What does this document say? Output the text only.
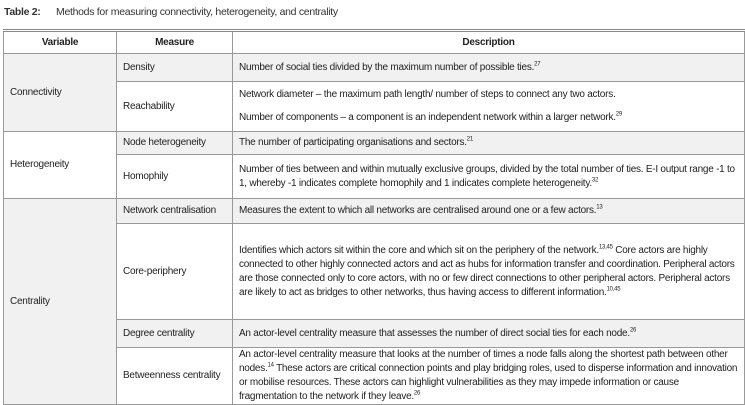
Table 2: Methods for measuring connectivity, heterogeneity, and centrality
Variable	Measure	Description
Connectivity	Density	Number of social ties divided by the maximum number of possible ties.$^{27}$

	Reachability	Network diameter – the maximum path length/ number of steps to connect any two actors.

Number of components – a component is an independent network within a larger network.$^{29}$

Heterogeneity	Node heterogeneity	The number of participating organisations and sectors.$^{21}$

	Homophily	Number of ties between and within mutually exclusive groups, divided by the total number of ties. E-I output range -1 to 1, whereby -1 indicates complete homophily and 1 indicates complete heterogeneity.$^{32}$

Centrality	Network centralisation	Measures the extent to which all networks are centralised around one or a few actors.$^{13}$

	Core-periphery	Identifies which actors sit within the core and which sit on the periphery of the network.$^{13,45}$ Core actors are highly connected to other highly connected actors and act as hubs for information transfer and coordination. Peripheral actors are those connected only to core actors, with no or few direct connections to other peripheral actors. Peripheral actors are likely to act as bridges to other networks, thus having access to different information.$^{10,45}$

	Degree centrality	An actor-level centrality measure that assesses the number of direct social ties for each node.$^{26}$

	Betweenness centrality	An actor-level centrality measure that looks at the number of times a node falls along the shortest path between other nodes.$^{14}$ These actors are critical connection points and play bridging roles, used to disperse information and innovation or mobilise resources. These actors can highlight vulnerabilities as they may impede information or cause fragmentation to the network if they leave.$^{26}$
